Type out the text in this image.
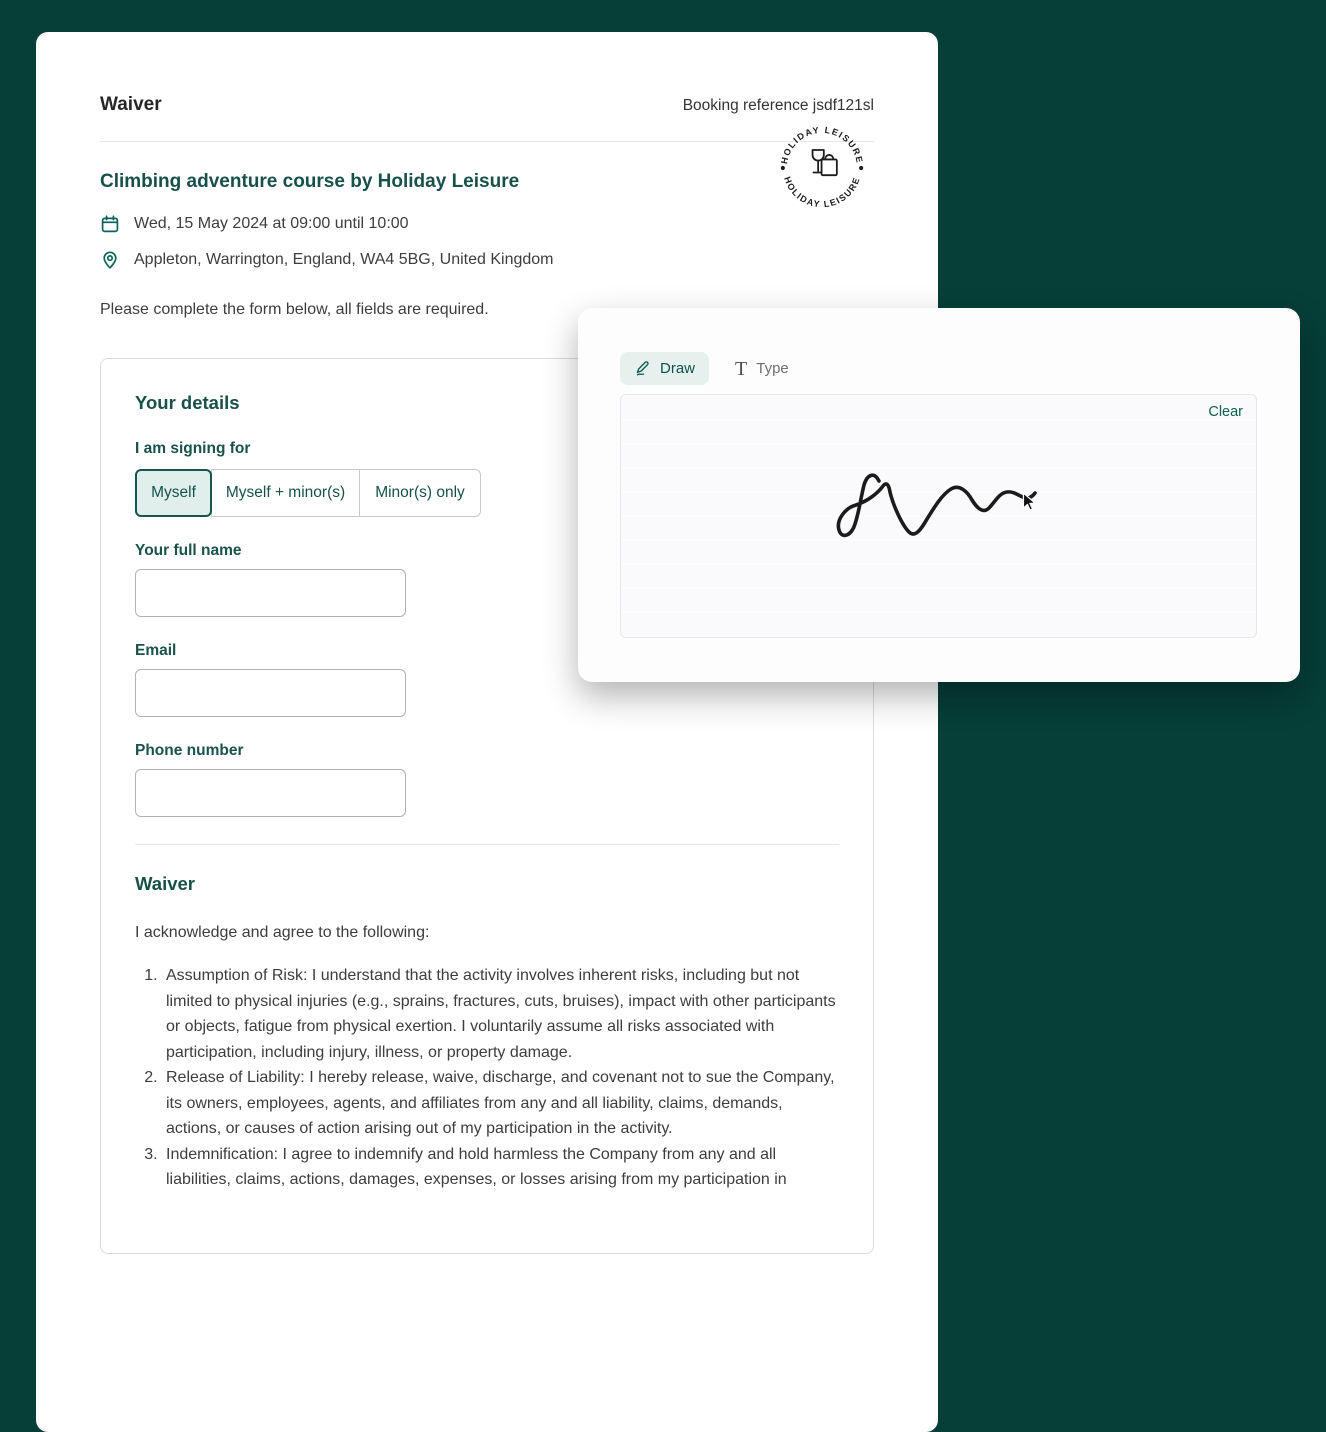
Waiver	Booking reference jsdf121sl
Climbing adventure course by Holiday Leisure
Wed, 15 May 2024 at 09:00 until 10:00
Appleton, Warrington, England, WA4 5BG, United Kingdom
HOLIDAY LEISURE
HOLIDAY LEISURE

Please complete the form below, all fields are required.

Your details
I am signing for
Myself	Myself + minor(s)	Minor(s) only
Your full name
Email
Phone number
Waiver

I acknowledge and agree to the following:

1. Assumption of Risk: I understand that the activity involves inherent risks, including but not limited to physical injuries (e.g., sprains, fractures, cuts, bruises), impact with other participants or objects, fatigue from physical exertion. I voluntarily assume all risks associated with participation, including injury, illness, or property damage.
2. Release of Liability: I hereby release, waive, discharge, and covenant not to sue the Company, its owners, employees, agents, and affiliates from any and all liability, claims, demands, actions, or causes of action arising out of my participation in the activity.
3. Indemnification: I agree to indemnify and hold harmless the Company from any and all liabilities, claims, actions, damages, expenses, or losses arising from my participation in
Draw T Type
Clear
